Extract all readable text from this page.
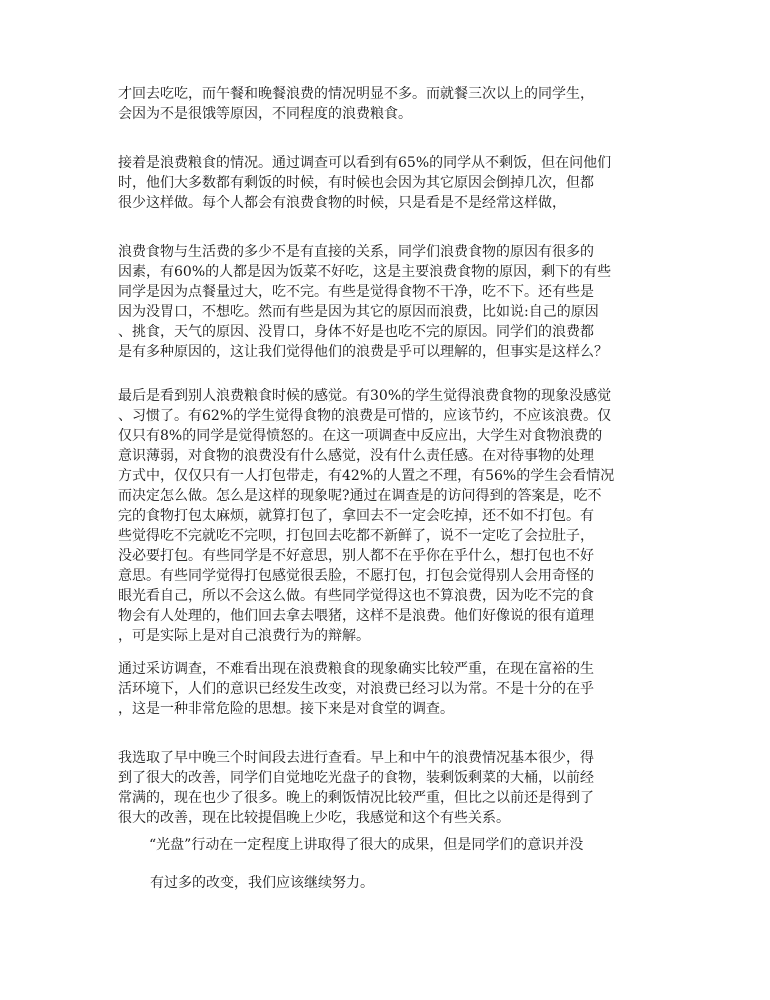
才回去吃吃，而午餐和晚餐浪费的情况明显不多。而就餐三次以上的同学生，
会因为不是很饿等原因，不同程度的浪费粮食。
接着是浪费粮食的情况。通过调查可以看到有65%的同学从不剩饭，但在问他们
时，他们大多数都有剩饭的时候，有时候也会因为其它原因会倒掉几次，但都
很少这样做。每个人都会有浪费食物的时候，只是看是不是经常这样做，
浪费食物与生活费的多少不是有直接的关系，同学们浪费食物的原因有很多的
因素，有60%的人都是因为饭菜不好吃，这是主要浪费食物的原因，剩下的有些
同学是因为点餐量过大，吃不完。有些是觉得食物不干净，吃不下。还有些是
因为没胃口，不想吃。然而有些是因为其它的原因而浪费，比如说:自己的原因
、挑食，天气的原因、没胃口，身体不好是也吃不完的原因。同学们的浪费都
是有多种原因的，这让我们觉得他们的浪费是乎可以理解的，但事实是这样么？
最后是看到别人浪费粮食时候的感觉。有30%的学生觉得浪费食物的现象没感觉
、习惯了。有62%的学生觉得食物的浪费是可惜的，应该节约，不应该浪费。仅
仅只有8%的同学是觉得愤怒的。在这一项调查中反应出，大学生对食物浪费的
意识薄弱，对食物的浪费没有什么感觉，没有什么责任感。在对待事物的处理
方式中，仅仅只有一人打包带走，有42%的人置之不理，有56%的学生会看情况
而决定怎么做。怎么是这样的现象呢?通过在调查是的访问得到的答案是，吃不
完的食物打包太麻烦，就算打包了，拿回去不一定会吃掉，还不如不打包。有
些觉得吃不完就吃不完呗，打包回去吃都不新鲜了，说不一定吃了会拉肚子，
没必要打包。有些同学是不好意思，别人都不在乎你在乎什么，想打包也不好
意思。有些同学觉得打包感觉很丢脸，不愿打包，打包会觉得别人会用奇怪的
眼光看自己，所以不会这么做。有些同学觉得这也不算浪费，因为吃不完的食
物会有人处理的，他们回去拿去喂猪，这样不是浪费。他们好像说的很有道理
，可是实际上是对自己浪费行为的辩解。
通过采访调查，不难看出现在浪费粮食的现象确实比较严重，在现在富裕的生
活环境下，人们的意识已经发生改变，对浪费已经习以为常。不是十分的在乎
，这是一种非常危险的思想。接下来是对食堂的调查。
我选取了早中晚三个时间段去进行查看。早上和中午的浪费情况基本很少，得
到了很大的改善，同学们自觉地吃光盘子的食物，装剩饭剩菜的大桶，以前经
常满的，现在也少了很多。晚上的剩饭情况比较严重，但比之以前还是得到了
很大的改善，现在比较提倡晚上少吃，我感觉和这个有些关系。
“光盘”行动在一定程度上讲取得了很大的成果，但是同学们的意识并没
有过多的改变，我们应该继续努力。
